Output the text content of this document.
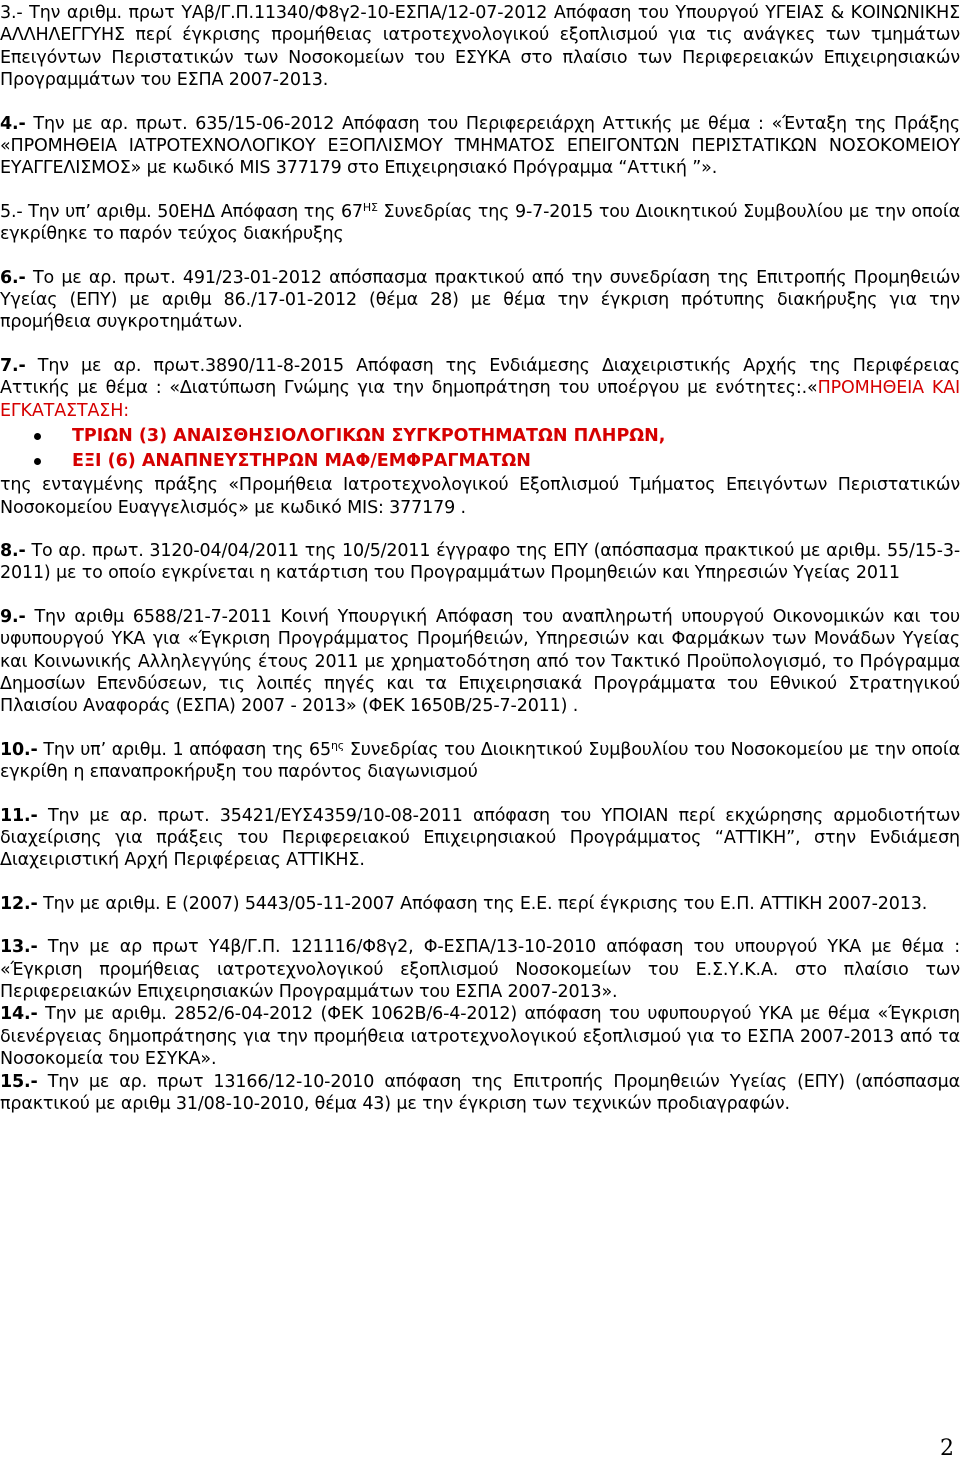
3.- Την αριθμ. πρωτ ΥΑβ/Γ.Π.11340/Φ8γ2-10-ΕΣΠΑ/12-07-2012 Απόφαση του Υπουργού ΥΓΕΙΑΣ & ΚΟΙΝΩΝΙΚΗΣ ΑΛΛΗΛΕΓΓΥΗΣ περί έγκρισης προμήθειας ιατροτεχνολογικού εξοπλισμού για τις ανάγκες των τμημάτων Επειγόντων Περιστατικών των Νοσοκομείων του ΕΣΥΚΑ στο πλαίσιο των Περιφερειακών Επιχειρησιακών Προγραμμάτων του ΕΣΠΑ 2007-2013.

4.- Την με αρ. πρωτ. 635/15-06-2012 Απόφαση του Περιφερειάρχη Αττικής με θέμα : «Ένταξη της Πράξης «ΠΡΟΜΗΘΕΙΑ ΙΑΤΡΟΤΕΧΝΟΛΟΓΙΚΟΥ ΕΞΟΠΛΙΣΜΟΥ ΤΜΗΜΑΤΟΣ ΕΠΕΙΓΟΝΤΩΝ ΠΕΡΙΣΤΑΤΙΚΩΝ ΝΟΣΟΚΟΜΕΙΟΥ ΕΥΑΓΓΕΛΙΣΜΟΣ» με κωδικό MIS 377179 στο Επιχειρησιακό Πρόγραμμα “Αττική ”».

5.- Την υπ’ αριθμ. 50ΕΗΔ Απόφαση της $67^{H\Sigma}$ Συνεδρίας της 9-7-2015 του Διοικητικού Συμβουλίου με την οποία εγκρίθηκε το παρόν τεύχος διακήρυξης

6.- Το με αρ. πρωτ. 491/23-01-2012 απόσπασμα πρακτικού από την συνεδρίαση της Επιτροπής Προμηθειών Υγείας (ΕΠΥ) με αριθμ 86./17-01-2012 (θέμα 28) με θέμα την έγκριση πρότυπης διακήρυξης για την προμήθεια συγκροτημάτων.

7.- Την με αρ. πρωτ.3890/11-8-2015 Απόφαση της Ενδιάμεσης Διαχειριστικής Αρχής της Περιφέρειας Αττικής με θέμα : «Διατύπωση Γνώμης για την δημοπράτηση του υποέργου με ενότητες:.«ΠΡΟΜΗΘΕΙΑ ΚΑΙ ΕΓΚΑΤΑΣΤΑΣΗ:

ΤΡΙΩΝ (3) ΑΝΑΙΣΘΗΣΙΟΛΟΓΙΚΩΝ ΣΥΓΚΡΟΤΗΜΑΤΩΝ ΠΛΗΡΩΝ,
ΕΞΙ (6) ΑΝΑΠΝΕΥΣΤΗΡΩΝ ΜΑΦ/ΕΜΦΡΑΓΜΑΤΩΝ

της ενταγμένης πράξης «Προμήθεια Ιατροτεχνολογικού Εξοπλισμού Τμήματος Επειγόντων Περιστατικών Νοσοκομείου Ευαγγελισμός» με κωδικό MIS: 377179 .

8.- Το αρ. πρωτ. 3120-04/04/2011 της 10/5/2011 έγγραφο της ΕΠΥ (απόσπασμα πρακτικού με αριθμ. 55/15-3-2011) με το οποίο εγκρίνεται η κατάρτιση του Προγραμμάτων Προμηθειών και Υπηρεσιών Υγείας 2011

9.- Την αριθμ 6588/21-7-2011 Κοινή Υπουργική Απόφαση του αναπληρωτή υπουργού Οικονομικών και του υφυπουργού ΥΚΑ για «Έγκριση Προγράμματος Προμήθειών, Υπηρεσιών και Φαρμάκων των Μονάδων Υγείας και Κοινωνικής Αλληλεγγύης έτους 2011 με χρηματοδότηση από τον Τακτικό Προϋπολογισμό, το Πρόγραμμα Δημοσίων Επενδύσεων, τις λοιπές πηγές και τα Επιχειρησιακά Προγράμματα του Εθνικού Στρατηγικού Πλαισίου Αναφοράς (ΕΣΠΑ) 2007 - 2013» (ΦΕΚ 1650Β/25-7-2011) .

10.- Την υπ’ αριθμ. 1 απόφαση της $65^{\eta\varsigma}$ Συνεδρίας του Διοικητικού Συμβουλίου του Νοσοκομείου με την οποία εγκρίθη η επαναπροκήρυξη του παρόντος διαγωνισμού

11.- Την με αρ. πρωτ. 35421/ΕΥΣ4359/10-08-2011 απόφαση του ΥΠΟΙΑΝ περί εκχώρησης αρμοδιοτήτων διαχείρισης για πράξεις του Περιφερειακού Επιχειρησιακού Προγράμματος “ΑΤΤΙΚΗ”, στην Ενδιάμεση Διαχειριστική Αρχή Περιφέρειας ΑΤΤΙΚΗΣ.

12.- Την με αριθμ. Ε (2007) 5443/05-11-2007 Απόφαση της Ε.Ε. περί έγκρισης του Ε.Π. ΑΤΤΙΚΗ 2007-2013.

13.- Την με αρ πρωτ Υ4β/Γ.Π. 121116/Φ8γ2, Φ-ΕΣΠΑ/13-10-2010 απόφαση του υπουργού ΥΚΑ με θέμα : «Έγκριση προμήθειας ιατροτεχνολογικού εξοπλισμού Νοσοκομείων του Ε.Σ.Υ.Κ.Α. στο πλαίσιο των Περιφερειακών Επιχειρησιακών Προγραμμάτων του ΕΣΠΑ 2007-2013».

14.- Την με αριθμ. 2852/6-04-2012 (ΦΕΚ 1062Β/6-4-2012) απόφαση του υφυπουργού ΥΚΑ με θέμα «Έγκριση διενέργειας δημοπράτησης για την προμήθεια ιατροτεχνολογικού εξοπλισμού για το ΕΣΠΑ 2007-2013 από τα Νοσοκομεία του ΕΣΥΚΑ».

15.- Την με αρ. πρωτ 13166/12-10-2010 απόφαση της Επιτροπής Προμηθειών Υγείας (ΕΠΥ) (απόσπασμα πρακτικού με αριθμ 31/08-10-2010, θέμα 43) με την έγκριση των τεχνικών προδιαγραφών.

2
